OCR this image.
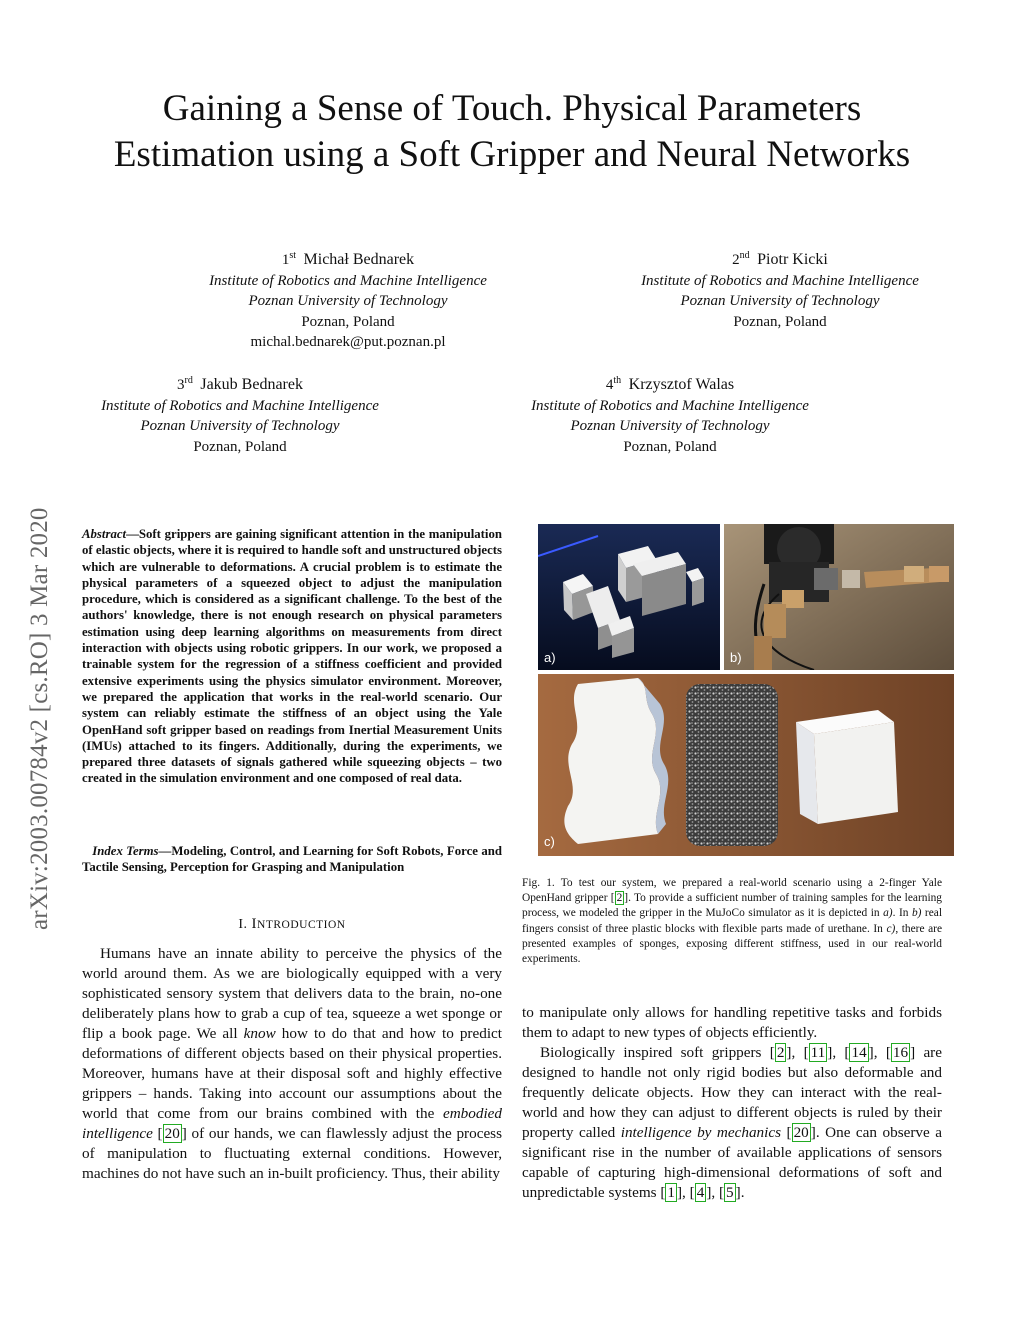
Gaining a Sense of Touch. Physical Parameters Estimation using a Soft Gripper and Neural Networks
1st Michał Bednarek
Institute of Robotics and Machine Intelligence
Poznan University of Technology
Poznan, Poland
michal.bednarek@put.poznan.pl
2nd Piotr Kicki
Institute of Robotics and Machine Intelligence
Poznan University of Technology
Poznan, Poland
3rd Jakub Bednarek
Institute of Robotics and Machine Intelligence
Poznan University of Technology
Poznan, Poland
4th Krzysztof Walas
Institute of Robotics and Machine Intelligence
Poznan University of Technology
Poznan, Poland
arXiv:2003.00784v2 [cs.RO] 3 Mar 2020 Abstract—Soft grippers are gaining significant attention in the manipulation of elastic objects, where it is required to handle soft and unstructured objects which are vulnerable to deformations. A crucial problem is to estimate the physical parameters of a squeezed object to adjust the manipulation procedure, which is considered as a significant challenge. To the best of the authors' knowledge, there is not enough research on physical parameters estimation using deep learning algorithms on measurements from direct interaction with objects using robotic grippers. In our work, we proposed a trainable system for the regression of a stiffness coefficient and provided extensive experiments using the physics simulator environment. Moreover, we prepared the application that works in the real-world scenario. Our system can reliably estimate the stiffness of an object using the Yale OpenHand soft gripper based on readings from Inertial Measurement Units (IMUs) attached to its fingers. Additionally, during the experiments, we prepared three datasets of signals gathered while squeezing objects – two created in the simulation environment and one composed of real data.
Index Terms—Modeling, Control, and Learning for Soft Robots, Force and Tactile Sensing, Perception for Grasping and Manipulation
I. INTRODUCTION
Humans have an innate ability to perceive the physics of the world around them. As we are biologically equipped with a very sophisticated sensory system that delivers data to the brain, no-one deliberately plans how to grab a cup of tea, squeeze a wet sponge or flip a book page. We all know how to do that and how to predict deformations of different objects based on their physical properties. Moreover, humans have at their disposal soft and highly effective grippers – hands. Taking into account our assumptions about the world that come from our brains combined with the embodied intelligence [ 20 ] of our hands, we can flawlessly adjust the process of manipulation to fluctuating external conditions. However, machines do not have such an in-built proficiency. Thus, their ability
a)	b)
c)
Fig. 1. To test our system, we prepared a real-world scenario using a 2-finger Yale OpenHand gripper [ 2 ]. To provide a sufficient number of training samples for the learning process, we modeled the gripper in the MuJoCo simulator as it is depicted in a). In b) real fingers consist of three plastic blocks with flexible parts made of urethane. In c), there are presented examples of sponges, exposing different stiffness, used in our real-world experiments.

to manipulate only allows for handling repetitive tasks and forbids them to adapt to new types of objects efficiently.

Biologically inspired soft grippers [ 2 ], [ 11 ], [ 14 ], [ 16 ] are designed to handle not only rigid bodies but also deformable and frequently delicate objects. How they can interact with the real-world and how they can adjust to different objects is ruled by their property called intelligence by mechanics [ 20 ]. One can observe a significant rise in the number of available applications of sensors capable of capturing high-dimensional deformations of soft and unpredictable systems [ 1 ], [ 4 ], [ 5 ].
